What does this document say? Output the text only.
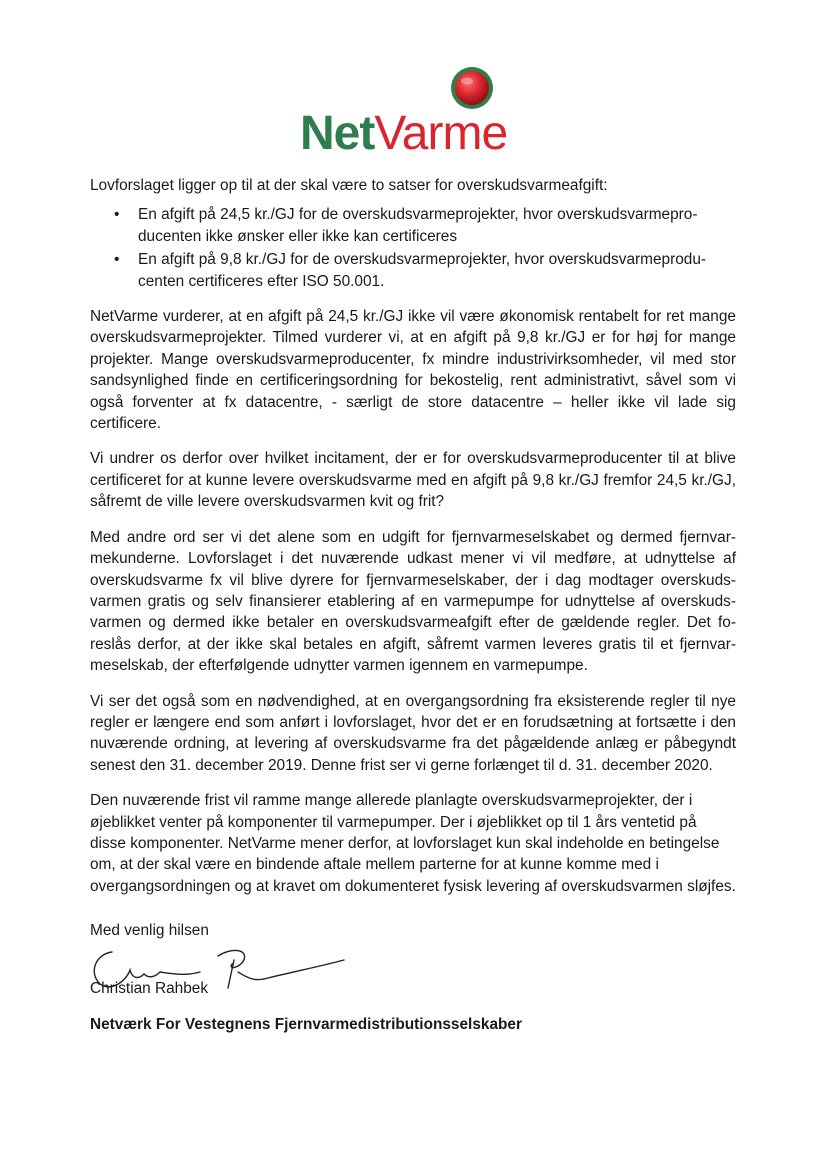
NetVarme

Lovforslaget ligger op til at der skal være to satser for overskudsvarmeafgift:

• En afgift på 24,5 kr./GJ for de overskudsvarmeprojekter, hvor overskudsvarmeproducenten ikke ønsker eller ikke kan certificeres
• En afgift på 9,8 kr./GJ for de overskudsvarmeprojekter, hvor overskudsvarmeproducenten certificeres efter ISO 50.001.

NetVarme vurderer, at en afgift på 24,5 kr./GJ ikke vil være økonomisk rentabelt for ret mange overskudsvarmeprojekter. Tilmed vurderer vi, at en afgift på 9,8 kr./GJ er for høj for mange projekter. Mange overskudsvarmeproducenter, fx mindre industrivirksomheder, vil med stor sandsynlighed finde en certificeringsordning for bekostelig, rent administrativt, såvel som vi også forventer at fx datacentre, - særligt de store datacentre – heller ikke vil lade sig certificere.

Vi undrer os derfor over hvilket incitament, der er for overskudsvarmeproducenter til at blive certificeret for at kunne levere overskudsvarme med en afgift på 9,8 kr./GJ fremfor 24,5 kr./GJ, såfremt de ville levere overskudsvarmen kvit og frit?

Med andre ord ser vi det alene som en udgift for fjernvarmeselskabet og dermed fjernvarmekunderne. Lovforslaget i det nuværende udkast mener vi vil medføre, at udnyttelse af overskudsvarme fx vil blive dyrere for fjernvarmeselskaber, der i dag modtager overskudsvarmen gratis og selv finansierer etablering af en varmepumpe for udnyttelse af overskudsvarmen og dermed ikke betaler en overskudsvarmeafgift efter de gældende regler. Det foreslås derfor, at der ikke skal betales en afgift, såfremt varmen leveres gratis til et fjernvarmeselskab, der efterfølgende udnytter varmen igennem en varmepumpe.

Vi ser det også som en nødvendighed, at en overgangsordning fra eksisterende regler til nye regler er længere end som anført i lovforslaget, hvor det er en forudsætning at fortsætte i den nuværende ordning, at levering af overskudsvarme fra det pågældende anlæg er påbegyndt senest den 31. december 2019. Denne frist ser vi gerne forlænget til d. 31. december 2020.

Den nuværende frist vil ramme mange allerede planlagte overskudsvarmeprojekter, der i øjeblikket venter på komponenter til varmepumper. Der i øjeblikket op til 1 års ventetid på disse komponenter. NetVarme mener derfor, at lovforslaget kun skal indeholde en betingelse om, at der skal være en bindende aftale mellem parterne for at kunne komme med i overgangsordningen og at kravet om dokumenteret fysisk levering af overskudsvarmen sløjfes.

Med venlig hilsen

Christian Rahbek

Netværk For Vestegnens Fjernvarmedistributionsselskaber
